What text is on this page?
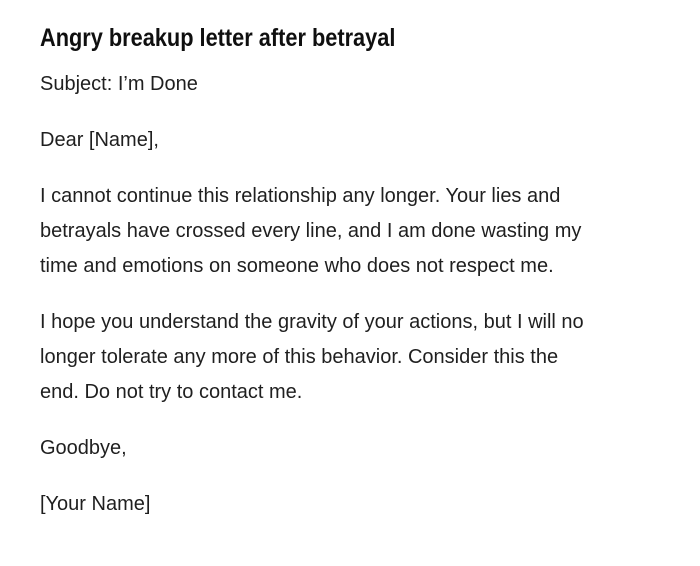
Angry breakup letter after betrayal

Subject: I’m Done

Dear [Name],

I cannot continue this relationship any longer. Your lies and
betrayals have crossed every line, and I am done wasting my
time and emotions on someone who does not respect me.

I hope you understand the gravity of your actions, but I will no
longer tolerate any more of this behavior. Consider this the
end. Do not try to contact me.

Goodbye,

[Your Name]
